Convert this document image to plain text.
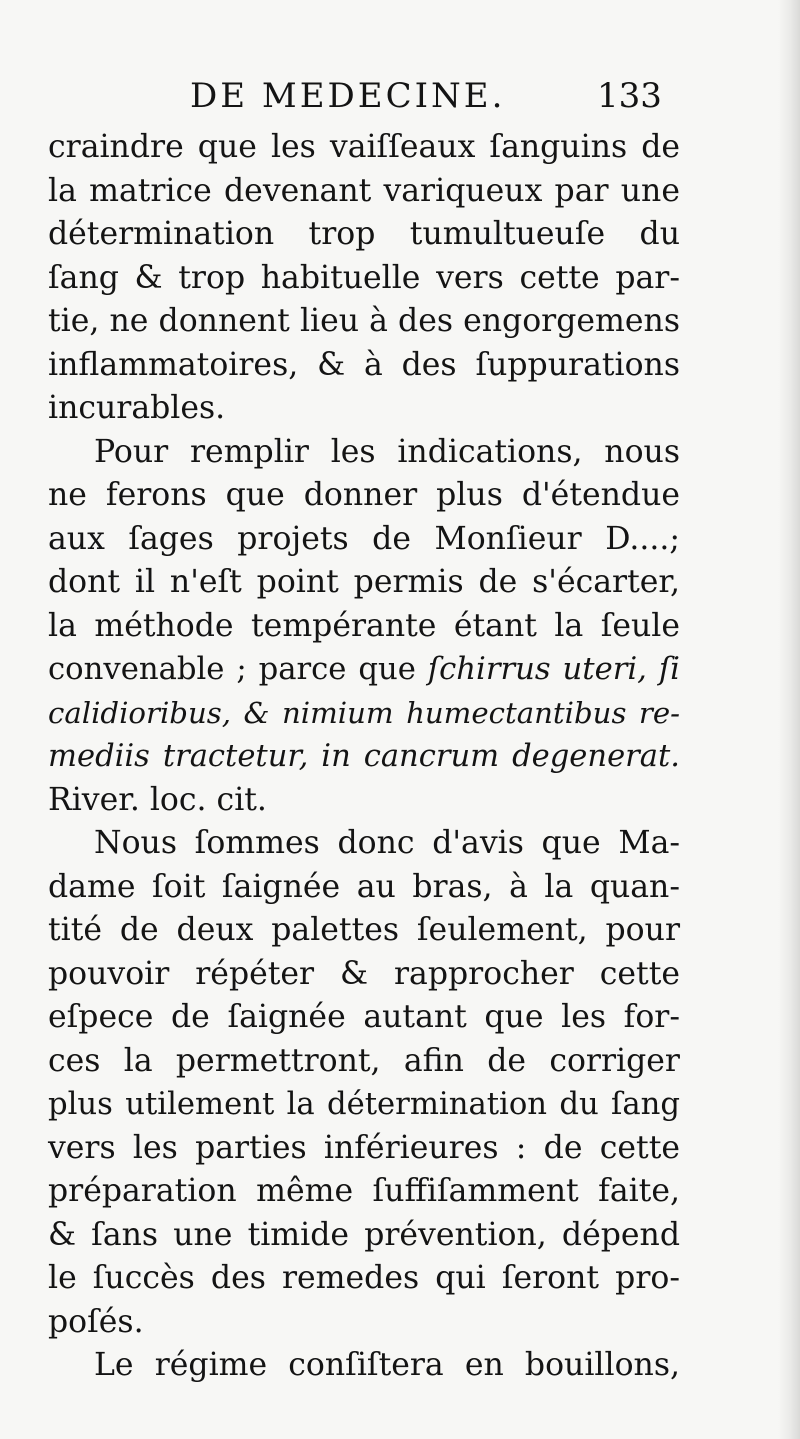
DE MEDECINE.	133
craindre que les vaiſſeaux ſanguins de
la matrice devenant variqueux par une
détermination trop tumultueuſe du
ſang & trop habituelle vers cette par-
tie, ne donnent lieu à des engorgemens
inflammatoires, & à des ſuppurations
incurables.
Pour remplir les indications, nous
ne ferons que donner plus d'étendue
aux ſages projets de Monſieur D....;
dont il n'eſt point permis de s'écarter,
la méthode tempérante étant la ſeule
convenable ; parce que ſchirrus uteri, ſi
calidioribus, & nimium humectantibus re-
mediis tractetur, in cancrum degenerat.
River. loc. cit.
Nous ſommes donc d'avis que Ma-
dame ſoit ſaignée au bras, à la quan-
tité de deux palettes ſeulement, pour
pouvoir répéter & rapprocher cette
eſpece de ſaignée autant que les for-
ces la permettront, afin de corriger
plus utilement la détermination du ſang
vers les parties inférieures : de cette
préparation même ſuffiſamment faite,
& ſans une timide prévention, dépend
le ſuccès des remedes qui ſeront pro-
poſés.
Le régime conſiſtera en bouillons,
